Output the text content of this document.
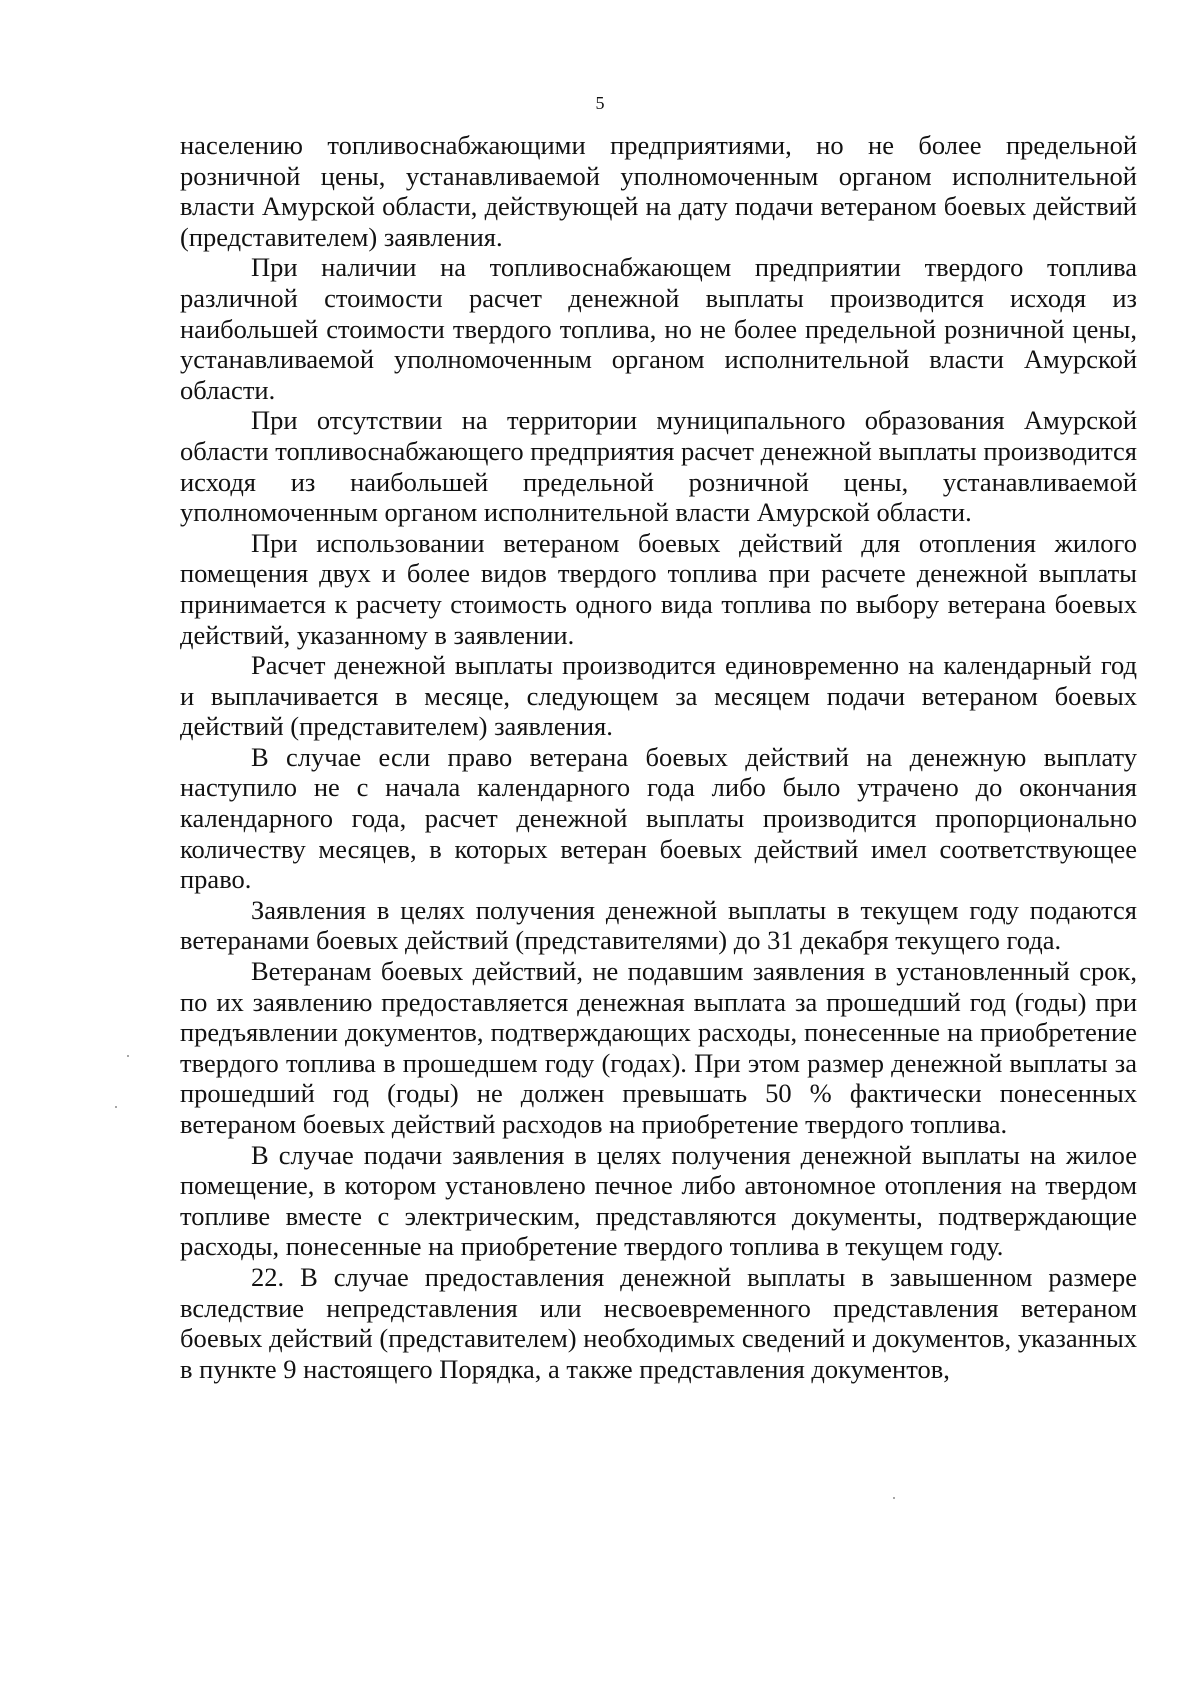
5

населению топливоснабжающими предприятиями, но не более предельной розничной цены, устанавливаемой уполномоченным органом исполнительной власти Амурской области, действующей на дату подачи ветераном боевых действий (представителем) заявления.

При наличии на топливоснабжающем предприятии твердого топлива различной стоимости расчет денежной выплаты производится исходя из наибольшей стоимости твердого топлива, но не более предельной розничной цены, устанавливаемой уполномоченным органом исполнительной власти Амурской области.

При отсутствии на территории муниципального образования Амурской области топливоснабжающего предприятия расчет денежной выплаты производится исходя из наибольшей предельной розничной цены, устанавливаемой уполномоченным органом исполнительной власти Амурской области.

При использовании ветераном боевых действий для отопления жилого помещения двух и более видов твердого топлива при расчете денежной выплаты принимается к расчету стоимость одного вида топлива по выбору ветерана боевых действий, указанному в заявлении.

Расчет денежной выплаты производится единовременно на календарный год и выплачивается в месяце, следующем за месяцем подачи ветераном боевых действий (представителем) заявления.

В случае если право ветерана боевых действий на денежную выплату наступило не с начала календарного года либо было утрачено до окончания календарного года, расчет денежной выплаты производится пропорционально количеству месяцев, в которых ветеран боевых действий имел соответствующее право.

Заявления в целях получения денежной выплаты в текущем году подаются ветеранами боевых действий (представителями) до 31 декабря текущего года.

Ветеранам боевых действий, не подавшим заявления в установленный срок, по их заявлению предоставляется денежная выплата за прошедший год (годы) при предъявлении документов, подтверждающих расходы, понесенные на приобретение твердого топлива в прошедшем году (годах). При этом размер денежной выплаты за прошедший год (годы) не должен превышать 50 % фактически понесенных ветераном боевых действий расходов на приобретение твердого топлива.

В случае подачи заявления в целях получения денежной выплаты на жилое помещение, в котором установлено печное либо автономное отопления на твердом топливе вместе с электрическим, представляются документы, подтверждающие расходы, понесенные на приобретение твердого топлива в текущем году.

22. В случае предоставления денежной выплаты в завышенном размере вследствие непредставления или несвоевременного представления ветераном боевых действий (представителем) необходимых сведений и документов, указанных в пункте 9 настоящего Порядка, а также представления документов,
